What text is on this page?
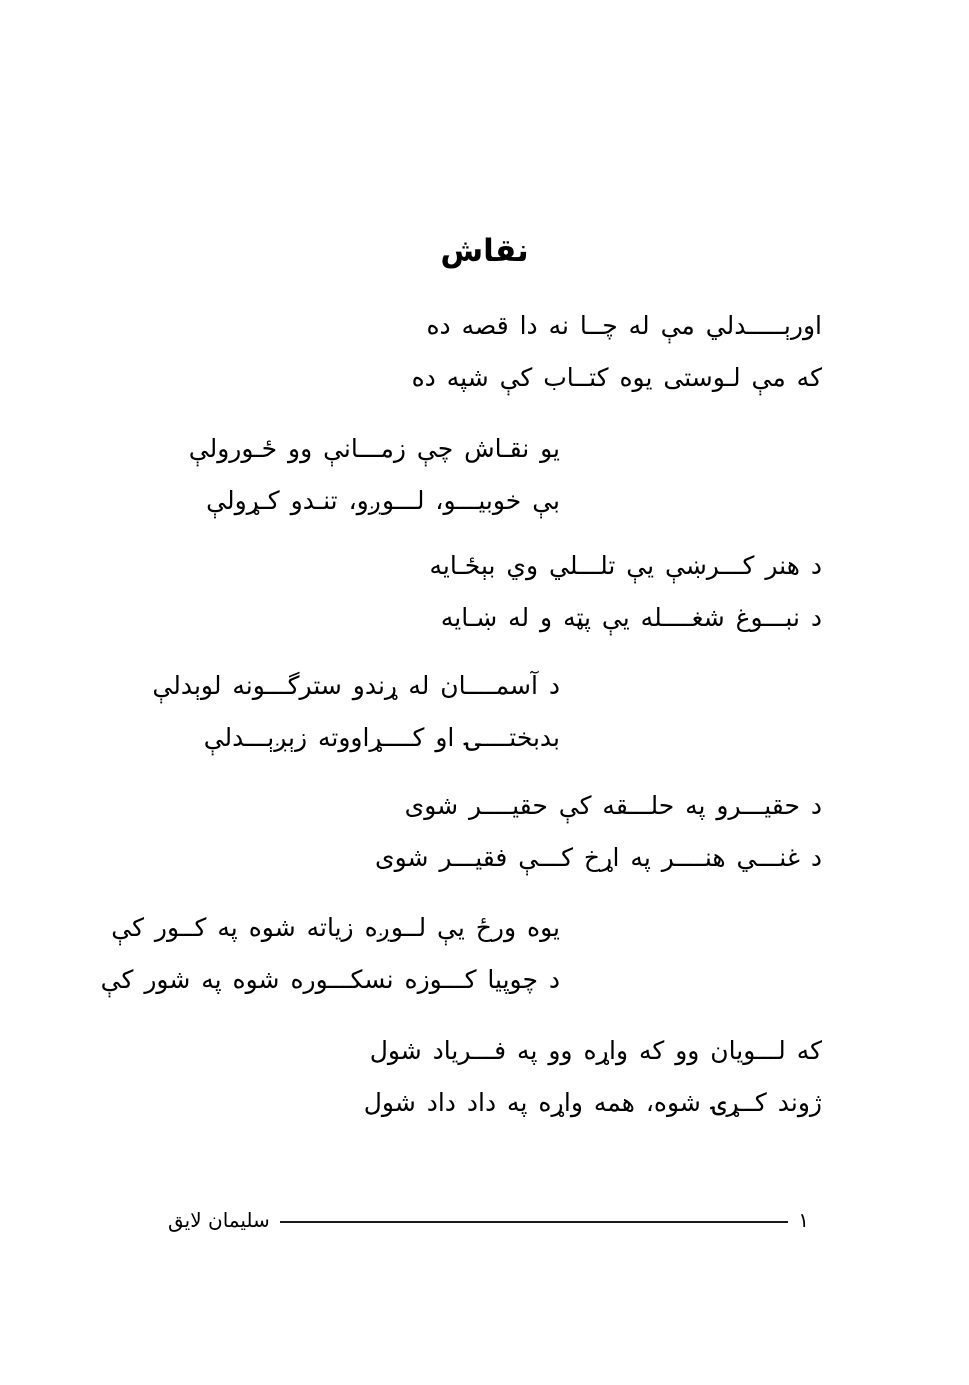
نقاش
اورېـــــدلي مې له چــا نه دا قصه ده
که مې لـوستی يوه کتــاب کې شپه ده
يو نقـاش چې زمـــانې وو ځـورولې
بې خوبيـــو، لـــوږو، تنـدو کـړولې
د هنر کـــرښې يې تلـــلي وي بېځـايه
د نبـــوغ شغــــله يې پټه و له ښـايه
د آسمــــان له ړندو سترگـــونه لوېدلې
بدبختــــۍ او کــــړاووته زېږېـــدلې
د حقيـــرو په حلـــقه کې حقيــــر شوی
د غنـــي هنــــر په اړخ کـــې فقيـــر شوی
يوه ورځ يې لــوږه زياته شوه په کــور کې
د چوپيا کـــوزه نسکـــوره شوه په شور کې
که لـــويان وو که واړه وو په فـــرياد شول
ژوند کــړۍ شوه، همه واړه په داد داد شول
١
سليمان لايق
